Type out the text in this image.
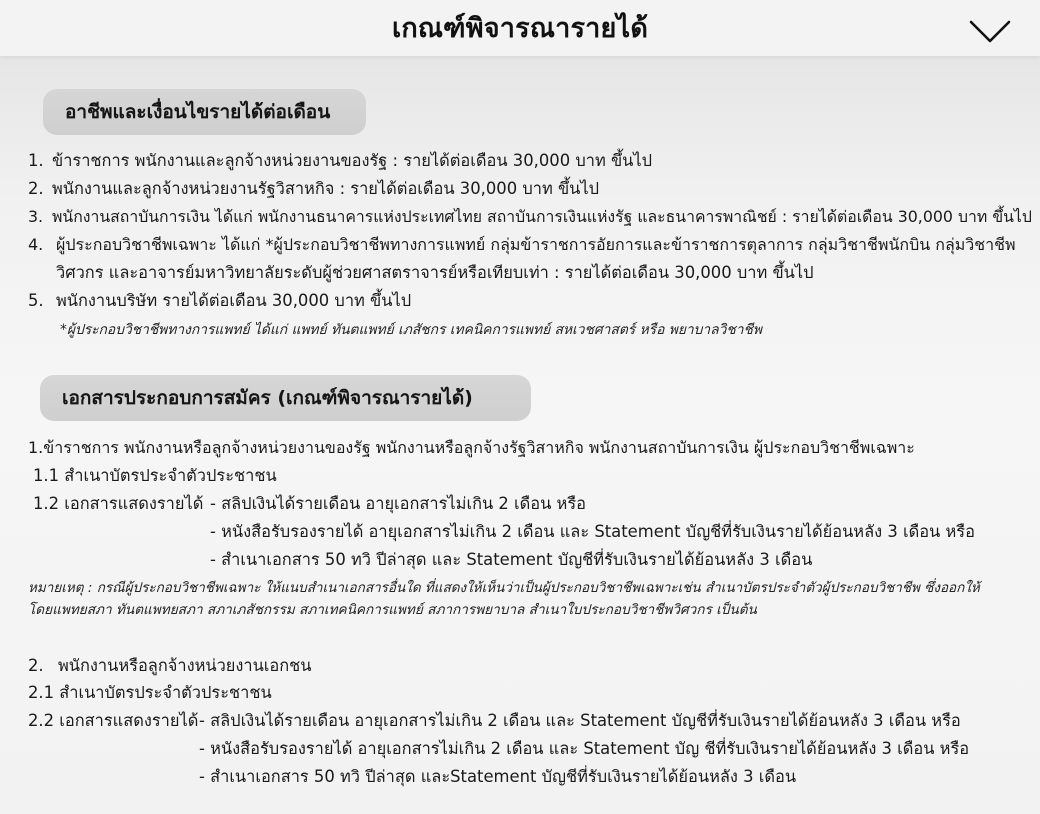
เกณฑ์พิจารณารายได้
อาชีพและเงื่อนไขรายได้ต่อเดือน
1. ข้าราชการ พนักงานและลูกจ้างหน่วยงานของรัฐ : รายได้ต่อเดือน 30,000 บาท ขึ้นไป
2. พนักงานและลูกจ้างหน่วยงานรัฐวิสาหกิจ : รายได้ต่อเดือน 30,000 บาท ขึ้นไป
3. พนักงานสถาบันการเงิน ได้แก่ พนักงานธนาคารแห่งประเทศไทย สถาบันการเงินแห่งรัฐ และธนาคารพาณิชย์ : รายได้ต่อเดือน 30,000 บาท ขึ้นไป
4. ผู้ประกอบวิชาชีพเฉพาะ ได้แก่ *ผู้ประกอบวิชาชีพทางการแพทย์ กลุ่มข้าราชการอัยการและข้าราชการตุลาการ กลุ่มวิชาชีพนักบิน กลุ่มวิชาชีพ
วิศวกร และอาจารย์มหาวิทยาลัยระดับผู้ช่วยศาสตราจารย์หรือเทียบเท่า : รายได้ต่อเดือน 30,000 บาท ขึ้นไป
5. พนักงานบริษัท รายได้ต่อเดือน 30,000 บาท ขึ้นไป
*ผู้ประกอบวิชาชีพทางการแพทย์ ได้แก่ แพทย์ ทันตแพทย์ เภสัชกร เทคนิคการแพทย์ สหเวชศาสตร์ หรือ พยาบาลวิชาชีพ
เอกสารประกอบการสมัคร (เกณฑ์พิจารณารายได้)
1.ข้าราชการ พนักงานหรือลูกจ้างหน่วยงานของรัฐ พนักงานหรือลูกจ้างรัฐวิสาหกิจ พนักงานสถาบันการเงิน ผู้ประกอบวิชาชีพเฉพาะ
1.1 สำเนาบัตรประจำตัวประชาชน
1.2 เอกสารแสดงรายได้ - สลิปเงินได้รายเดือน อายุเอกสารไม่เกิน 2 เดือน หรือ
- หนังสือรับรองรายได้ อายุเอกสารไม่เกิน 2 เดือน และ Statement บัญชีที่รับเงินรายได้ย้อนหลัง 3 เดือน หรือ
- สำเนาเอกสาร 50 ทวิ ปีล่าสุด และ Statement บัญชีที่รับเงินรายได้ย้อนหลัง 3 เดือน
หมายเหตุ : กรณีผู้ประกอบวิชาชีพเฉพาะ ให้แนบสำเนาเอกสารอื่นใด ที่แสดงให้เห็นว่าเป็นผู้ประกอบวิชาชีพเฉพาะเช่น สำเนาบัตรประจำตัวผู้ประกอบวิชาชีพ ซึ่งออกให้
โดยแพทยสภา ทันตแพทยสภา สภาเภสัชกรรม สภาเทคนิคการแพทย์ สภาการพยาบาล สำเนาใบประกอบวิชาชีพวิศวกร เป็นต้น
2. พนักงานหรือลูกจ้างหน่วยงานเอกชน
2.1 สำเนาบัตรประจำตัวประชาชน
2.2 เอกสารแสดงรายได้ - สลิปเงินได้รายเดือน อายุเอกสารไม่เกิน 2 เดือน และ Statement บัญชีที่รับเงินรายได้ย้อนหลัง 3 เดือน หรือ
- หนังสือรับรองรายได้ อายุเอกสารไม่เกิน 2 เดือน และ Statement บัญ ชีที่รับเงินรายได้ย้อนหลัง 3 เดือน หรือ
- สำเนาเอกสาร 50 ทวิ ปีล่าสุด และStatement บัญชีที่รับเงินรายได้ย้อนหลัง 3 เดือน
